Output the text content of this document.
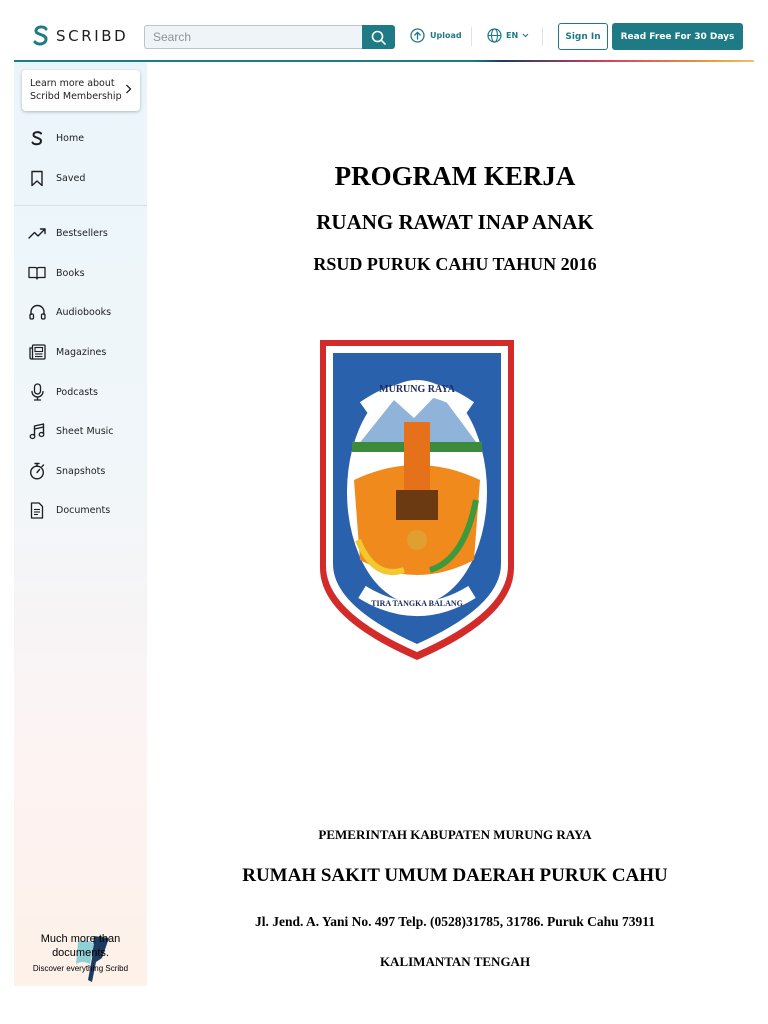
SCRIBD
Search	Upload	EN	Sign In	Read Free For 30 Days
Learn more about Scribd Membership
Home
Saved
Bestsellers
Books
Audiobooks
Magazines
Podcasts
Sheet Music
Snapshots
Documents
Much more than documents.
Discover everything Scribd
PROGRAM KERJA
RUANG RAWAT INAP ANAK
RSUD PURUK CAHU TAHUN 2016
MURUNG RAYA
TIRA TANGKA BALANG
PEMERINTAH KABUPATEN MURUNG RAYA
RUMAH SAKIT UMUM DAERAH PURUK CAHU
Jl. Jend. A. Yani No. 497 Telp. (0528)31785, 31786. Puruk Cahu 73911
KALIMANTAN TENGAH
